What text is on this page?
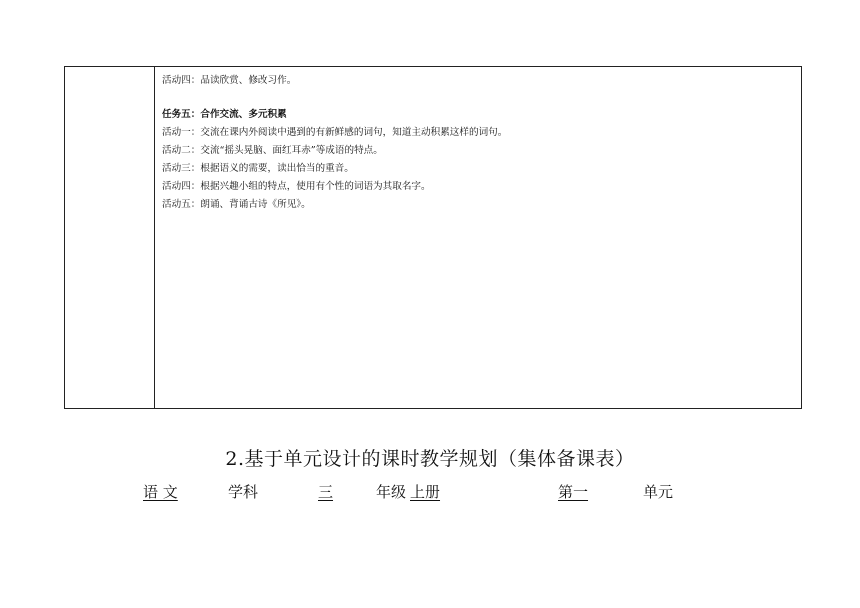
活动四：品读欣赏、修改习作。
任务五：合作交流、多元积累
活动一：交流在课内外阅读中遇到的有新鲜感的词句，知道主动积累这样的词句。
活动二：交流“摇头晃脑、面红耳赤”等成语的特点。
活动三：根据语义的需要，读出恰当的重音。
活动四：根据兴趣小组的特点，使用有个性的词语为其取名字。
活动五：朗诵、背诵古诗《所见》。
2.基于单元设计的课时教学规划（集体备课表）
语 文	学科	三	年级 上册	第一	单元
